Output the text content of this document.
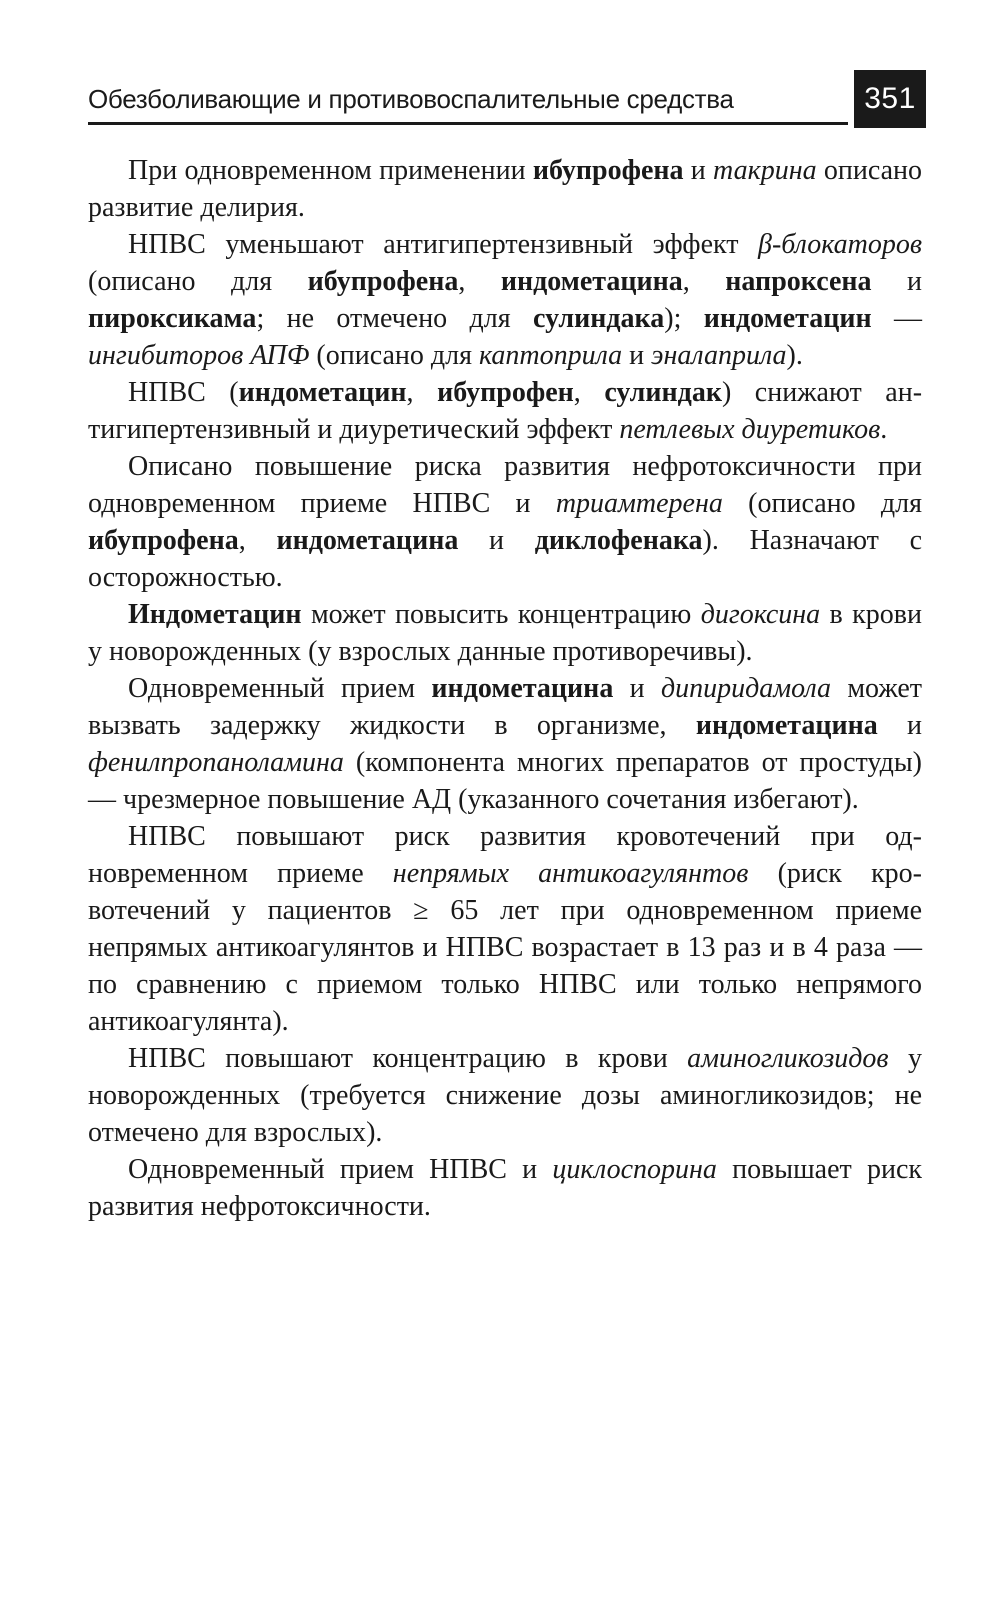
Обезболивающие и противовоспалительные средства	351

При одновременном применении ибупрофена и такрина описано развитие делирия.

НПВС уменьшают антигипертензивный эффект β-блокаторов (описано для ибупрофена, индометацина, напроксена и пироксикама; не отмечено для сулиндака); индометацин — ингибиторов АПФ (описано для каптоприла и эналаприла).

НПВС (индометацин, ибупрофен, сулиндак) снижают антигипертензивный и диуретический эффект петлевых диуретиков.

Описано повышение риска развития нефротоксичности при одновременном приеме НПВС и триамтерена (описано для ибупрофена, индометацина и диклофенака). Назначают с осторожностью.

Индометацин может повысить концентрацию дигоксина в крови у новорожденных (у взрослых данные противоречивы).

Одновременный прием индометацина и дипиридамола может вызвать задержку жидкости в организме, индометацина и фенилпропаноламина (компонента многих препаратов от простуды) — чрезмерное повышение АД (указанного сочетания избегают).

НПВС повышают риск развития кровотечений при одновременном приеме непрямых антикоагулянтов (риск кровотечений у пациентов ≥ 65 лет при одновременном приеме непрямых антикоагулянтов и НПВС возрастает в 13 раз и в 4 раза — по сравнению с приемом только НПВС или только непрямого антикоагулянта).

НПВС повышают концентрацию в крови аминогликозидов у новорожденных (требуется снижение дозы аминогликозидов; не отмечено для взрослых).

Одновременный прием НПВС и циклоспорина повышает риск развития нефротоксичности.
